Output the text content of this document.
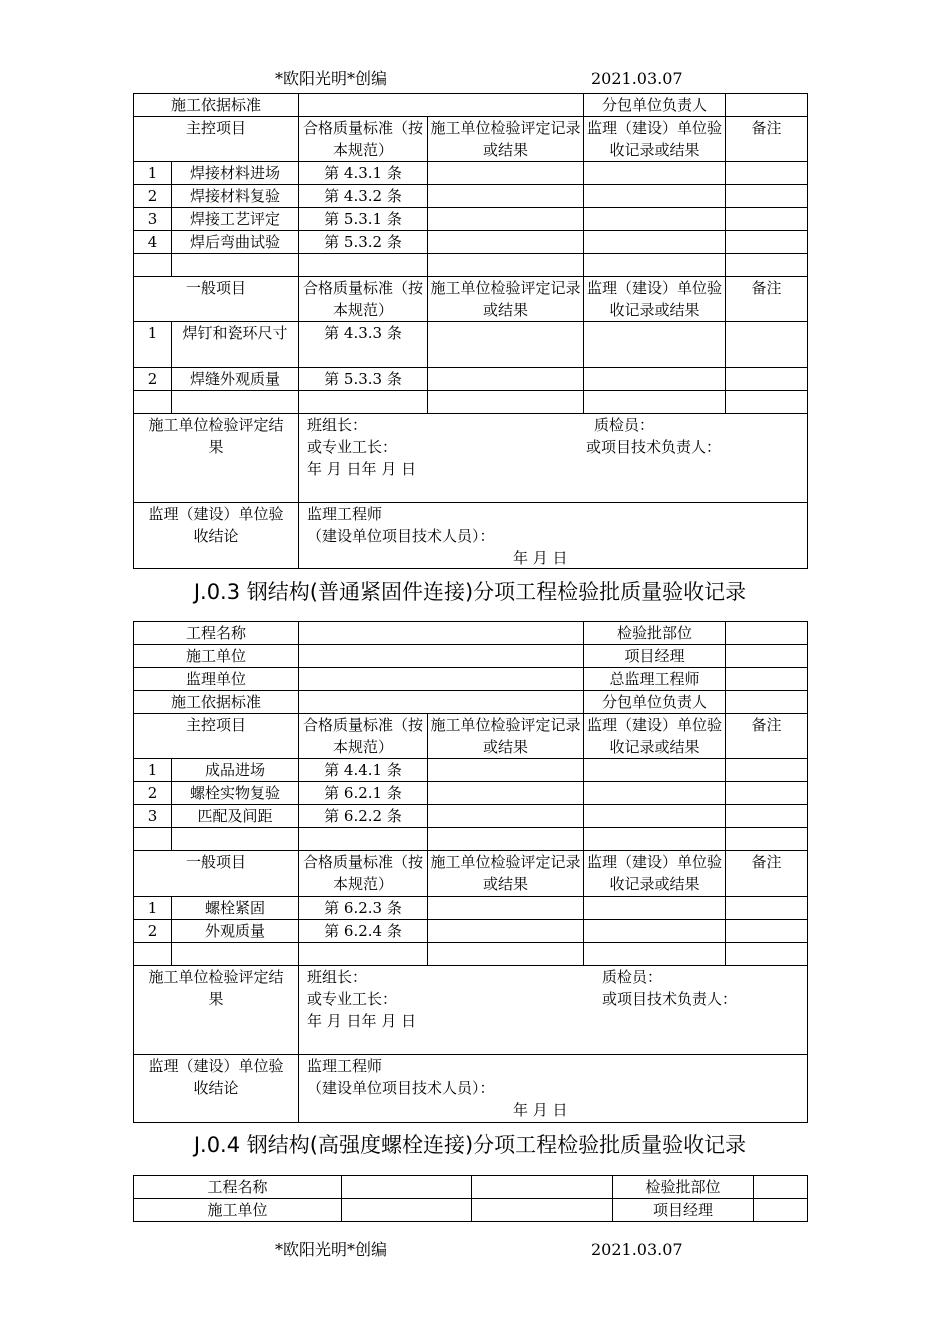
*欧阳光明*创编	2021.03.07
施工依据标准				分包单位负责人	
主控项目		合格质量标准（按本规范）	施工单位检验评定记录或结果	监理（建设）单位验收记录或结果	备注
1	焊接材料进场	第 4.3.1 条			
2	焊接材料复验	第 4.3.2 条			
3	焊接工艺评定	第 5.3.1 条			
4	焊后弯曲试验	第 5.3.2 条			

一般项目		合格质量标准（按本规范）	施工单位检验评定记录或结果	监理（建设）单位验收记录或结果	备注
1	焊钉和瓷环尺寸	第 4.3.3 条			
2	焊缝外观质量	第 5.3.3 条			

施工单位检验评定结果		班组长：
或专业工长：
年 月 日年 月 日
质检员：
或项目技术负责人：			

监理（建设）单位验收结论		监理工程师
（建设单位项目技术人员）：
年 月 日			
J.0.3 钢结构(普通紧固件连接)分项工程检验批质量验收记录
工程名称				检验批部位	
施工单位				项目经理	
监理单位				总监理工程师	
施工依据标准				分包单位负责人	
主控项目		合格质量标准（按本规范）	施工单位检验评定记录或结果	监理（建设）单位验收记录或结果	备注
1	成品进场	第 4.4.1 条			
2	螺栓实物复验	第 6.2.1 条			
3	匹配及间距	第 6.2.2 条			

一般项目		合格质量标准（按本规范）	施工单位检验评定记录或结果	监理（建设）单位验收记录或结果	备注
1	螺栓紧固	第 6.2.3 条			
2	外观质量	第 6.2.4 条			

施工单位检验评定结果		班组长：
或专业工长：
年 月 日年 月 日
质检员：
或项目技术负责人：			

监理（建设）单位验收结论		监理工程师
（建设单位项目技术人员）：
年 月 日			
J.0.4 钢结构(高强度螺栓连接)分项工程检验批质量验收记录
工程名称			检验批部位	
施工单位			项目经理	
*欧阳光明*创编	2021.03.07
